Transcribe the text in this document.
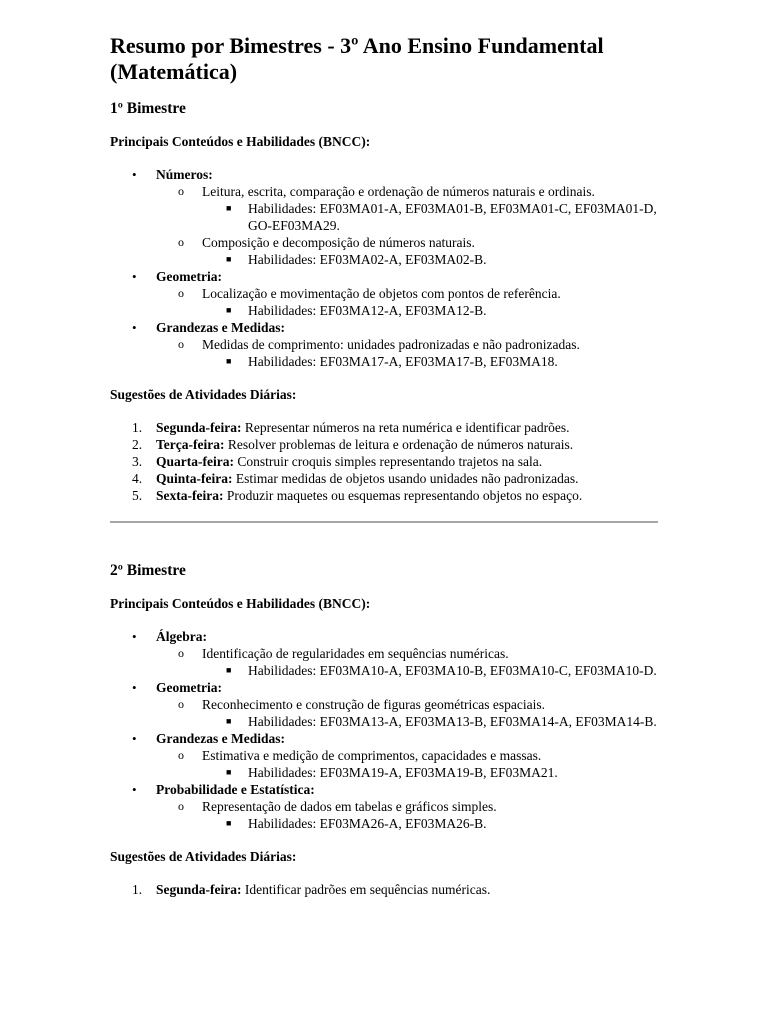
Resumo por Bimestres - 3º Ano Ensino Fundamental (Matemática)
1º Bimestre
Principais Conteúdos e Habilidades (BNCC):
• Números:
o Leitura, escrita, comparação e ordenação de números naturais e ordinais.
■ Habilidades: EF03MA01-A, EF03MA01-B, EF03MA01-C, EF03MA01-D, GO-EF03MA29.
o Composição e decomposição de números naturais.
■ Habilidades: EF03MA02-A, EF03MA02-B.
• Geometria:
o Localização e movimentação de objetos com pontos de referência.
■ Habilidades: EF03MA12-A, EF03MA12-B.
• Grandezas e Medidas:
o Medidas de comprimento: unidades padronizadas e não padronizadas.
■ Habilidades: EF03MA17-A, EF03MA17-B, EF03MA18.
Sugestões de Atividades Diárias:
1. Segunda-feira: Representar números na reta numérica e identificar padrões.
2. Terça-feira: Resolver problemas de leitura e ordenação de números naturais.
3. Quarta-feira: Construir croquis simples representando trajetos na sala.
4. Quinta-feira: Estimar medidas de objetos usando unidades não padronizadas.
5. Sexta-feira: Produzir maquetes ou esquemas representando objetos no espaço.
2º Bimestre
Principais Conteúdos e Habilidades (BNCC):
• Álgebra:
o Identificação de regularidades em sequências numéricas.
■ Habilidades: EF03MA10-A, EF03MA10-B, EF03MA10-C, EF03MA10-D.
• Geometria:
o Reconhecimento e construção de figuras geométricas espaciais.
■ Habilidades: EF03MA13-A, EF03MA13-B, EF03MA14-A, EF03MA14-B.
• Grandezas e Medidas:
o Estimativa e medição de comprimentos, capacidades e massas.
■ Habilidades: EF03MA19-A, EF03MA19-B, EF03MA21.
• Probabilidade e Estatística:
o Representação de dados em tabelas e gráficos simples.
■ Habilidades: EF03MA26-A, EF03MA26-B.
Sugestões de Atividades Diárias:
1. Segunda-feira: Identificar padrões em sequências numéricas.
